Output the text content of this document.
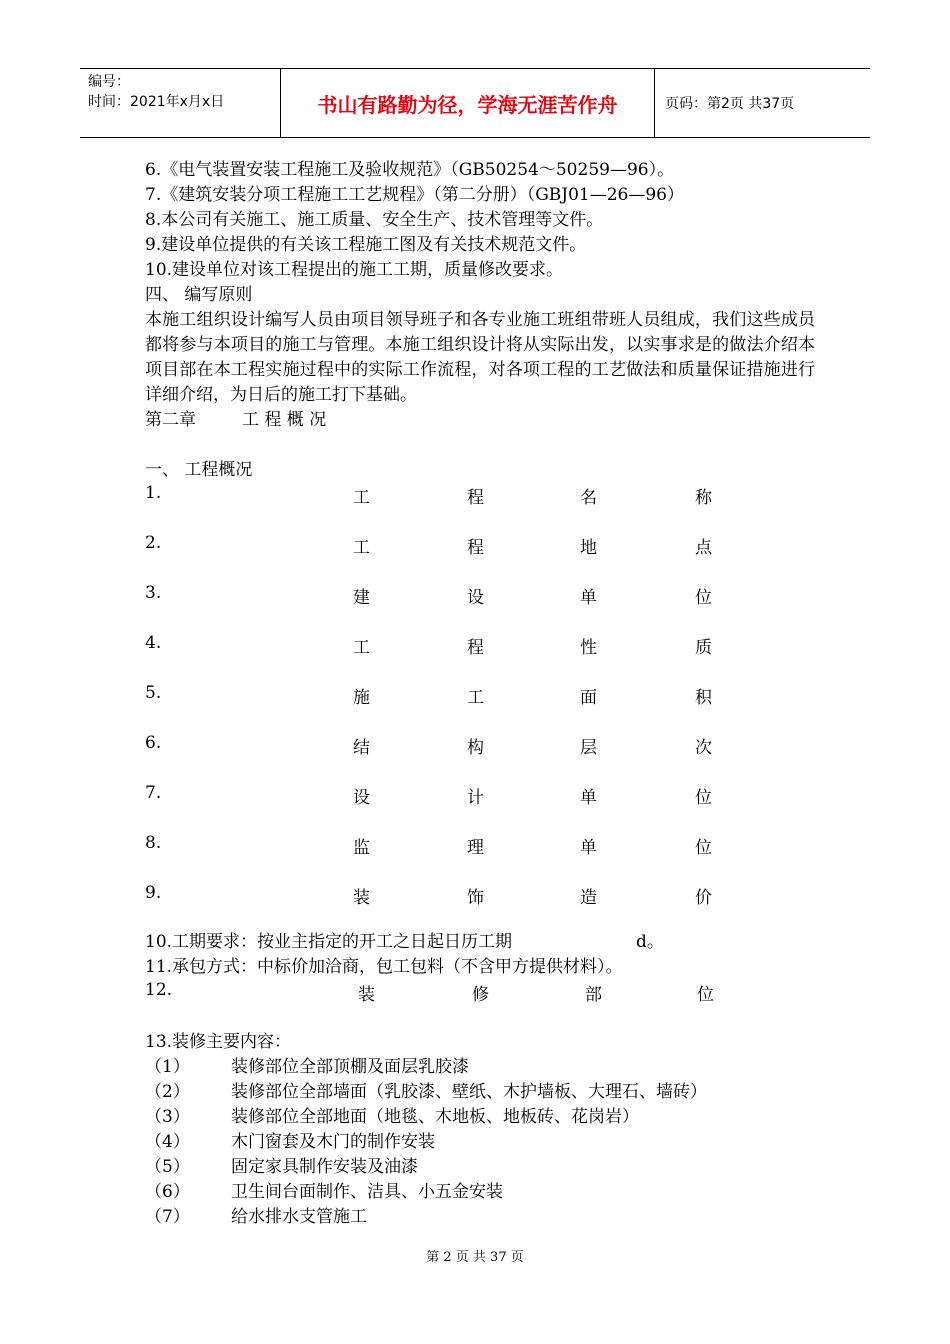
编号：
时间：2021年x月x日	书山有路勤为径，学海无涯苦作舟	页码：第2页 共37页
6.《电气装置安装工程施工及验收规范》（GB50254～50259—96）。
7.《建筑安装分项工程施工工艺规程》（第二分册）（GBJ01—26—96）
8.本公司有关施工、施工质量、安全生产、技术管理等文件。
9.建设单位提供的有关该工程施工图及有关技术规范文件。
10.建设单位对该工程提出的施工工期，质量修改要求。
四、 编写原则
本施工组织设计编写人员由项目领导班子和各专业施工班组带班人员组成，我们这些成员都将参与本项目的施工与管理。本施工组织设计将从实际出发，以实事求是的做法介绍本项目部在本工程实施过程中的实际工作流程，对各项工程的工艺做法和质量保证措施进行详细介绍，为日后的施工打下基础。
第二章	工 程 概 况
一、 工程概况
1.	工	程	名	称
2.	工	程	地	点
3.	建	设	单	位
4.	工	程	性	质
5.	施	工	面	积
6.	结	构	层	次
7.	设	计	单	位
8.	监	理	单	位
9.	装	饰	造	价
10.工期要求：按业主指定的开工之日起日历工期	d。
11.承包方式：中标价加洽商，包工包料（不含甲方提供材料）。
12.	装	修	部	位
13.装修主要内容：
（1） 装修部位全部顶棚及面层乳胶漆
（2） 装修部位全部墙面（乳胶漆、壁纸、木护墙板、大理石、墙砖）
（3） 装修部位全部地面（地毯、木地板、地板砖、花岗岩）
（4） 木门窗套及木门的制作安装
（5） 固定家具制作安装及油漆
（6） 卫生间台面制作、洁具、小五金安装
（7） 给水排水支管施工
第 2 页 共 37 页
